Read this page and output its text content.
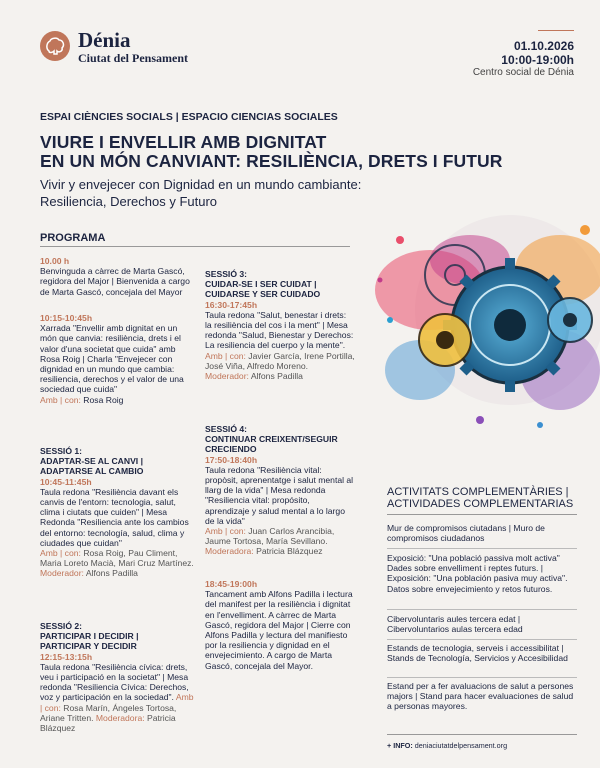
Dénia
Ciutat del Pensament
01.10.2026
10:00-19:00h
Centro social de Dénia
ESPAI CIÈNCIES SOCIALS | ESPACIO CIENCIAS SOCIALES
VIURE I ENVELLIR AMB DIGNITAT
EN UN MÓN CANVIANT: RESILIÈNCIA, DRETS I FUTUR
Vivir y envejecer con Dignidad en un mundo cambiante:
Resiliencia, Derechos y Futuro
PROGRAMA
10.00 h
Benvinguda a càrrec de Marta Gascó, regidora del Major | Bienvenida a cargo de Marta Gascó, concejala del Mayor
10:15-10:45h
Xarrada "Envellir amb dignitat en un món que canvia: resiliència, drets i el valor d'una societat que cuida" amb Rosa Roig | Charla "Envejecer con dignidad en un mundo que cambia: resiliencia, derechos y el valor de una sociedad que cuida"
Amb | con: Rosa Roig
SESSIÓ 1:
ADAPTAR-SE AL CANVI |
ADAPTARSE AL CAMBIO
10:45-11:45h
Taula redona "Resiliència davant els canvis de l'entorn: tecnologia, salut, clima i ciutats que cuiden" | Mesa Redonda "Resiliencia ante los cambios del entorno: tecnología, salud, clima y ciudades que cuidan"
Amb | con: Rosa Roig, Pau Climent, Maria Loreto Macià, Mari Cruz Martínez.
Moderador: Alfons Padilla
SESSIÓ 2:
PARTICIPAR I DECIDIR |
PARTICIPAR Y DECIDIR
12:15-13:15h
Taula redona "Resiliència cívica: drets, veu i participació en la societat" | Mesa redonda "Resiliencia Cívica: Derechos, voz y participación en la sociedad". Amb | con: Rosa Marín, Ángeles Tortosa, Ariane Tritten. Moderadora: Patricia Blázquez
SESSIÓ 3:
CUIDAR-SE I SER CUIDAT |
CUIDARSE Y SER CUIDADO
16:30-17:45h
Taula redona "Salut, benestar i drets: la resiliència del cos i la ment" | Mesa redonda "Salud, Bienestar y Derechos: La resiliencia del cuerpo y la mente".
Amb | con: Javier García, Irene Portilla, José Viña, Alfredo Moreno.
Moderador: Alfons Padilla
SESSIÓ 4:
CONTINUAR CREIXENT/SEGUIR
CRECIENDO
17:50-18:40h
Taula redona "Resiliència vital: propòsit, aprenentatge i salut mental al llarg de la vida" | Mesa redonda "Resiliencia vital: propósito, aprendizaje y salud mental a lo largo de la vida"
Amb | con: Juan Carlos Arancibia, Jaume Tortosa, María Sevillano.
Moderadora: Patricia Blázquez
18:45-19:00h
Tancament amb Alfons Padilla i lectura del manifest per la resiliència i dignitat en l'envelliment. A càrrec de Marta Gascó, regidora del Major | Cierre con Alfons Padilla y lectura del manifiesto por la resiliencia y dignidad en el envejecimiento. A cargo de Marta Gascó, concejala del Mayor.
ACTIVITATS COMPLEMENTÀRIES |
ACTIVIDADES COMPLEMENTARIAS
Mur de compromisos ciutadans | Muro de compromisos ciudadanos
Exposició: "Una població passiva molt activa" Dades sobre envelliment i reptes futurs. | Exposición: "Una población pasiva muy activa". Datos sobre envejecimiento y retos futuros.
Cibervoluntaris aules tercera edat | Cibervoluntarios aulas tercera edad
Estands de tecnologia, serveis i accessibilitat | Stands de Tecnología, Servicios y Accesibilidad
Estand per a fer avaluacions de salut a persones majors | Stand para hacer evaluaciones de salud a personas mayores.
+ INFO: deniaciutatdelpensament.org
